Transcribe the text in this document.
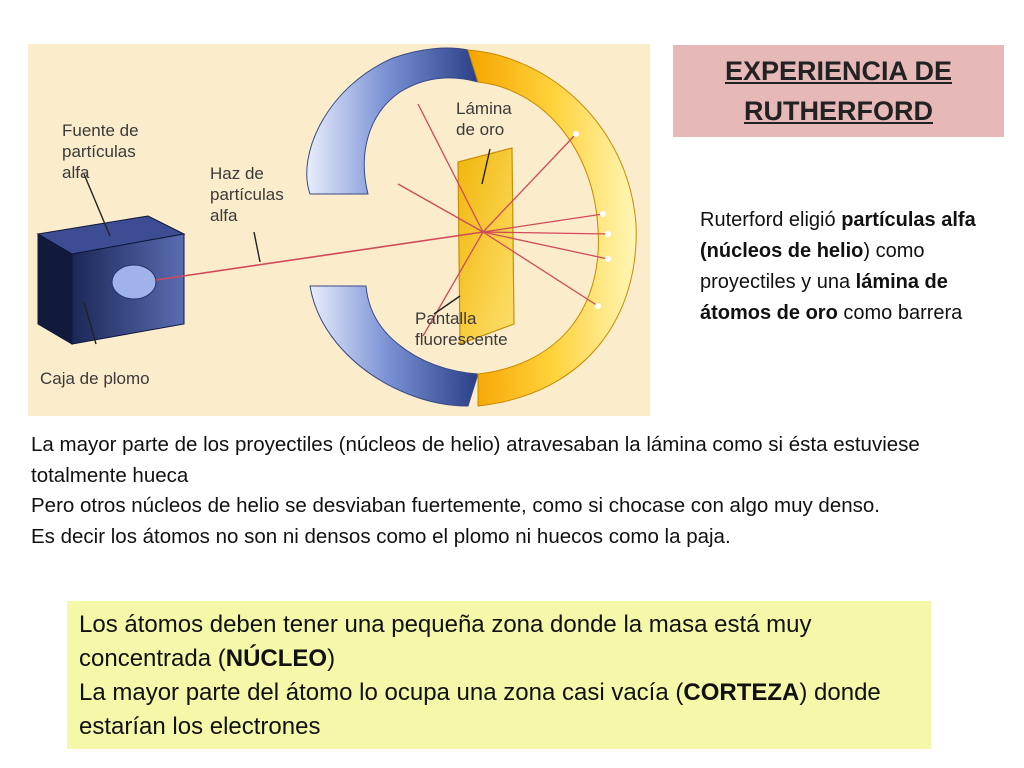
Fuente de partículas alfa	Haz de partículas alfa
Lámina de oro
Pantalla fluorescente
Caja de plomo
EXPERIENCIA DE RUTHERFORD
Ruterford eligió partículas alfa (núcleos de helio) como proyectiles y una lámina de átomos de oro como barrera

La mayor parte de los proyectiles (núcleos de helio) atravesaban la lámina como si ésta estuviese totalmente hueca

Pero otros núcleos de helio se desviaban fuertemente, como si chocase con algo muy denso.

Es decir los átomos no son ni densos como el plomo ni huecos como la paja.

Los átomos deben tener una pequeña zona donde la masa está muy concentrada (NÚCLEO)

La mayor parte del átomo lo ocupa una zona casi vacía (CORTEZA) donde estarían los electrones
